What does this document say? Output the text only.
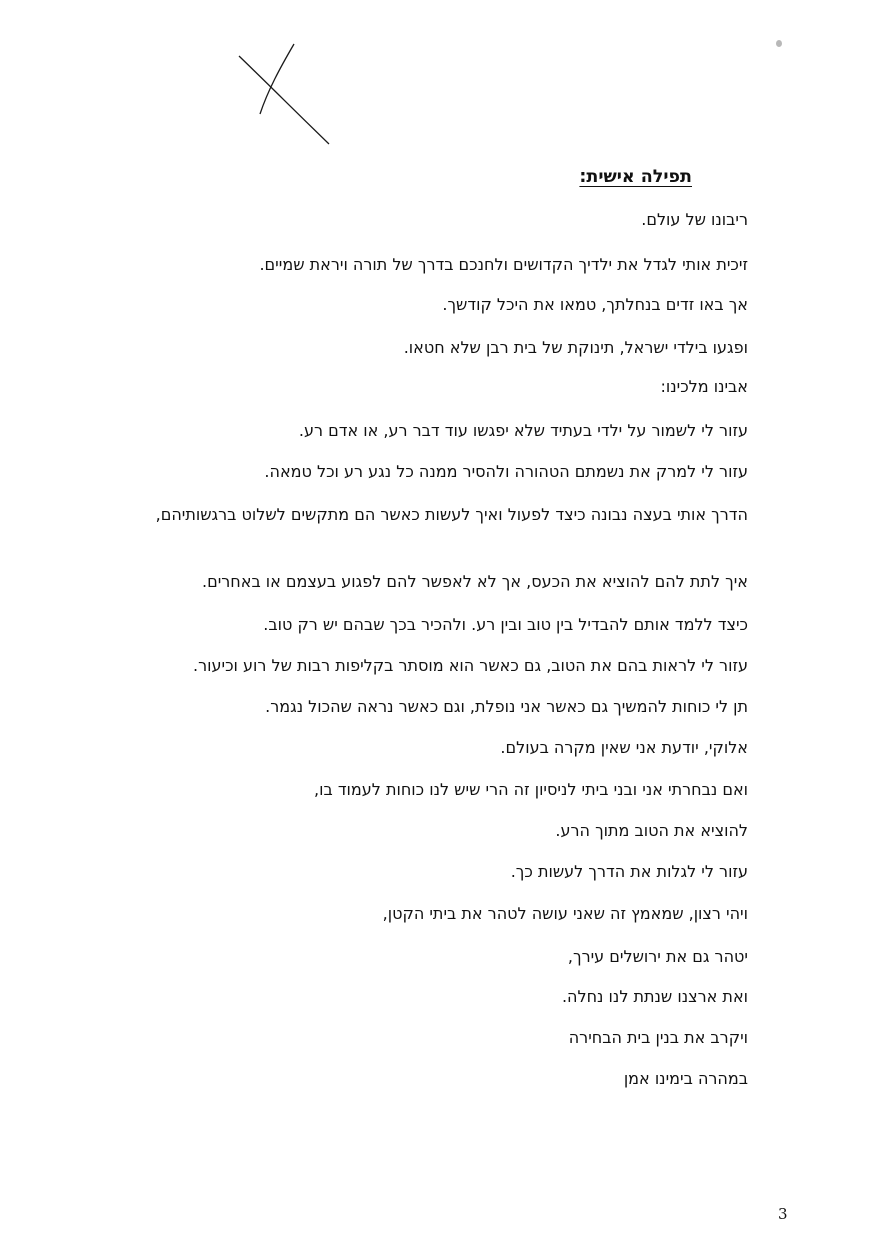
תפילה אישית:
ריבונו של עולם.
זיכית אותי לגדל את ילדיך הקדושים ולחנכם בדרך של תורה ויראת שמיים.
אך באו זדים בנחלתך, טמאו את היכל קודשך.
ופגעו בילדי ישראל, תינוקת של בית רבן שלא חטאו.
אבינו מלכינו:
עזור לי לשמור על ילדי בעתיד שלא יפגשו עוד דבר רע, או אדם רע.
עזור לי למרק את נשמתם הטהורה ולהסיר ממנה כל נגע רע וכל טמאה.
הדרך אותי בעצה נבונה כיצד לפעול ואיך לעשות כאשר הם מתקשים לשלוט ברגשותיהם,
איך לתת להם להוציא את הכעס, אך לא לאפשר להם לפגוע בעצמם או באחרים.
כיצד ללמד אותם להבדיל בין טוב ובין רע. ולהכיר בכך שבהם יש רק טוב.
עזור לי לראות בהם את הטוב, גם כאשר הוא מוסתר בקליפות רבות של רוע וכיעור.
תן לי כוחות להמשיך גם כאשר אני נופלת, וגם כאשר נראה שהכול נגמר.
אלוקי, יודעת אני שאין מקרה בעולם.
ואם נבחרתי אני ובני ביתי לניסיון זה הרי שיש לנו כוחות לעמוד בו,
להוציא את הטוב מתוך הרע.
עזור לי לגלות את הדרך לעשות כך.
ויהי רצון, שמאמץ זה שאני עושה לטהר את ביתי הקטן,
יטהר גם את ירושלים עירך,
ואת ארצנו שנתת לנו נחלה.
ויקרב את בנין בית הבחירה
במהרה בימינו אמן
3
